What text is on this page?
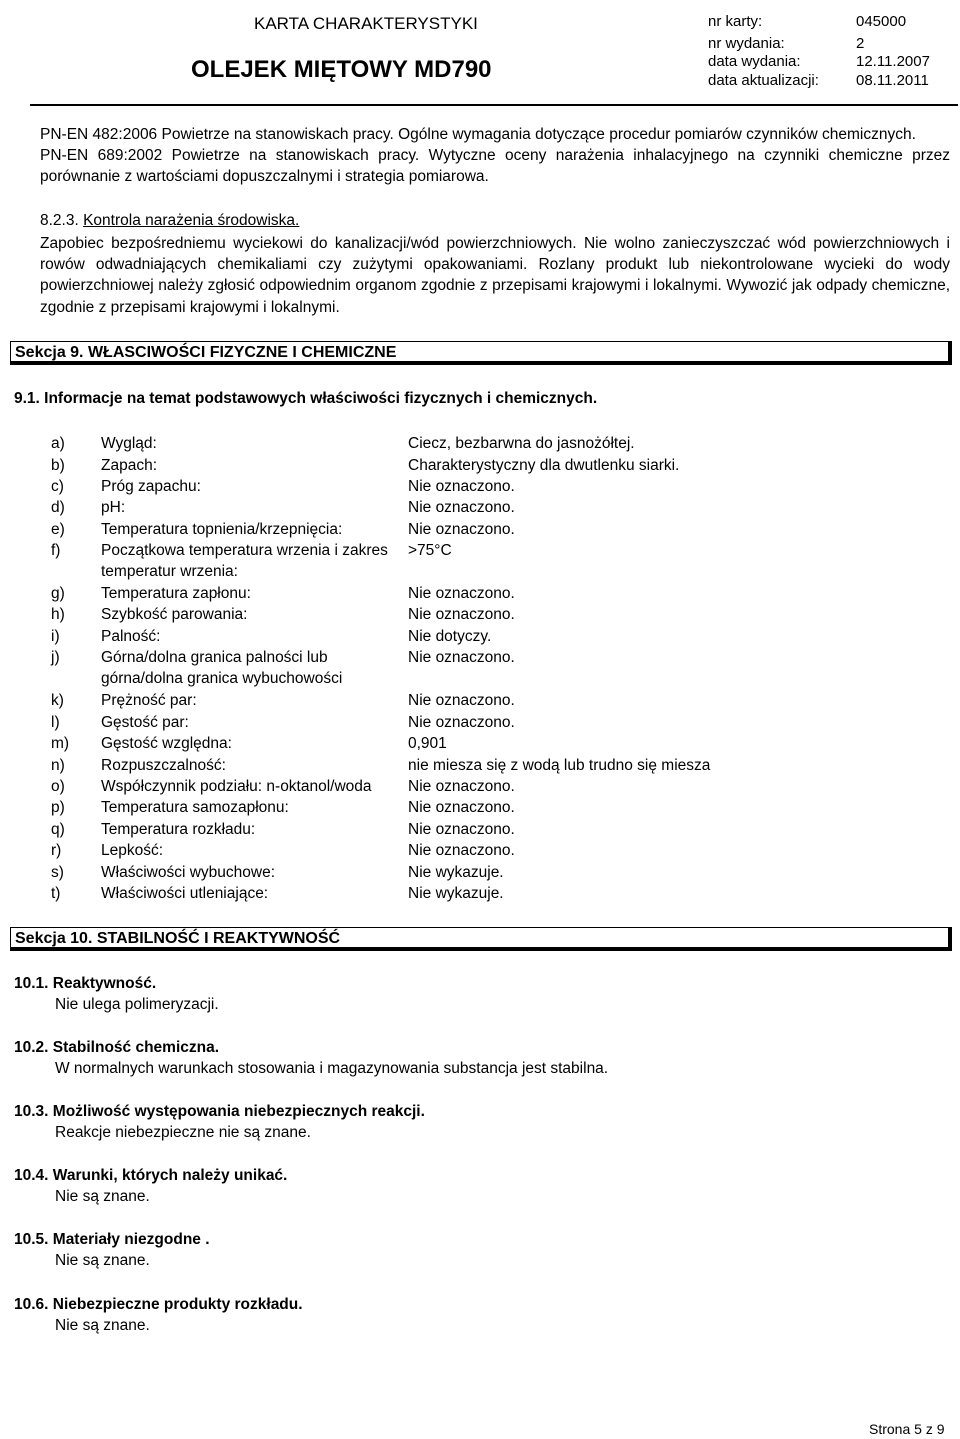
KARTA CHARAKTERYSTYKI
OLEJEK MIĘTOWY MD790
nr karty:	045000
nr wydania:	2
data wydania:	12.11.2007
data aktualizacji: 08.11.2011
PN-EN 482:2006 Powietrze na stanowiskach pracy. Ogólne wymagania dotyczące procedur pomiarów czynników chemicznych.
PN-EN 689:2002 Powietrze na stanowiskach pracy. Wytyczne oceny narażenia inhalacyjnego na czynniki chemiczne przez porównanie z wartościami dopuszczalnymi i strategia pomiarowa.
8.2.3. Kontrola narażenia środowiska.
Zapobiec bezpośredniemu wyciekowi do kanalizacji/wód powierzchniowych. Nie wolno zanieczyszczać wód powierzchniowych i rowów odwadniających chemikaliami czy zużytymi opakowaniami. Rozlany produkt lub niekontrolowane wycieki do wody powierzchniowej należy zgłosić odpowiednim organom zgodnie z przepisami krajowymi i lokalnymi. Wywozić jak odpady chemiczne, zgodnie z przepisami krajowymi i lokalnymi.
Sekcja 9. WŁASCIWOŚCI FIZYCZNE I CHEMICZNE
9.1. Informacje na temat podstawowych właściwości fizycznych i chemicznych.
a) Wygląd:	Ciecz, bezbarwna do jasnożółtej.
b) Zapach:	Charakterystyczny dla dwutlenku siarki.
c) Próg zapachu:	Nie oznaczono.
d) pH:	Nie oznaczono.
e) Temperatura topnienia/krzepnięcia:	Nie oznaczono.
f)	Początkowa temperatura wrzenia i zakres temperatur wrzenia:
>75°C
g) Temperatura zapłonu:	Nie oznaczono.
h) Szybkość parowania:	Nie oznaczono.
i)	Palność:	Nie dotyczy.
j)	Górna/dolna granica palności lub górna/dolna granica wybuchowości
Nie oznaczono.
k) Prężność par:	Nie oznaczono.
l)	Gęstość par:	Nie oznaczono.
m) Gęstość względna:	0,901
n) Rozpuszczalność:	nie miesza się z wodą lub trudno się miesza
o) Współczynnik podziału: n-oktanol/woda	Nie oznaczono.
p) Temperatura samozapłonu:	Nie oznaczono.
q) Temperatura rozkładu:	Nie oznaczono.
r)	Lepkość:	Nie oznaczono.
s) Właściwości wybuchowe:	Nie wykazuje.
t)	Właściwości utleniające:	Nie wykazuje.
Sekcja 10. STABILNOŚĆ I REAKTYWNOŚĆ
10.1. Reaktywność.
Nie ulega polimeryzacji.
10.2. Stabilność chemiczna.
W normalnych warunkach stosowania i magazynowania substancja jest stabilna.
10.3. Możliwość występowania niebezpiecznych reakcji.
Reakcje niebezpieczne nie są znane.
10.4. Warunki, których należy unikać.
Nie są znane.
10.5. Materiały niezgodne .
Nie są znane.
10.6. Niebezpieczne produkty rozkładu.
Nie są znane.
Strona 5 z 9
